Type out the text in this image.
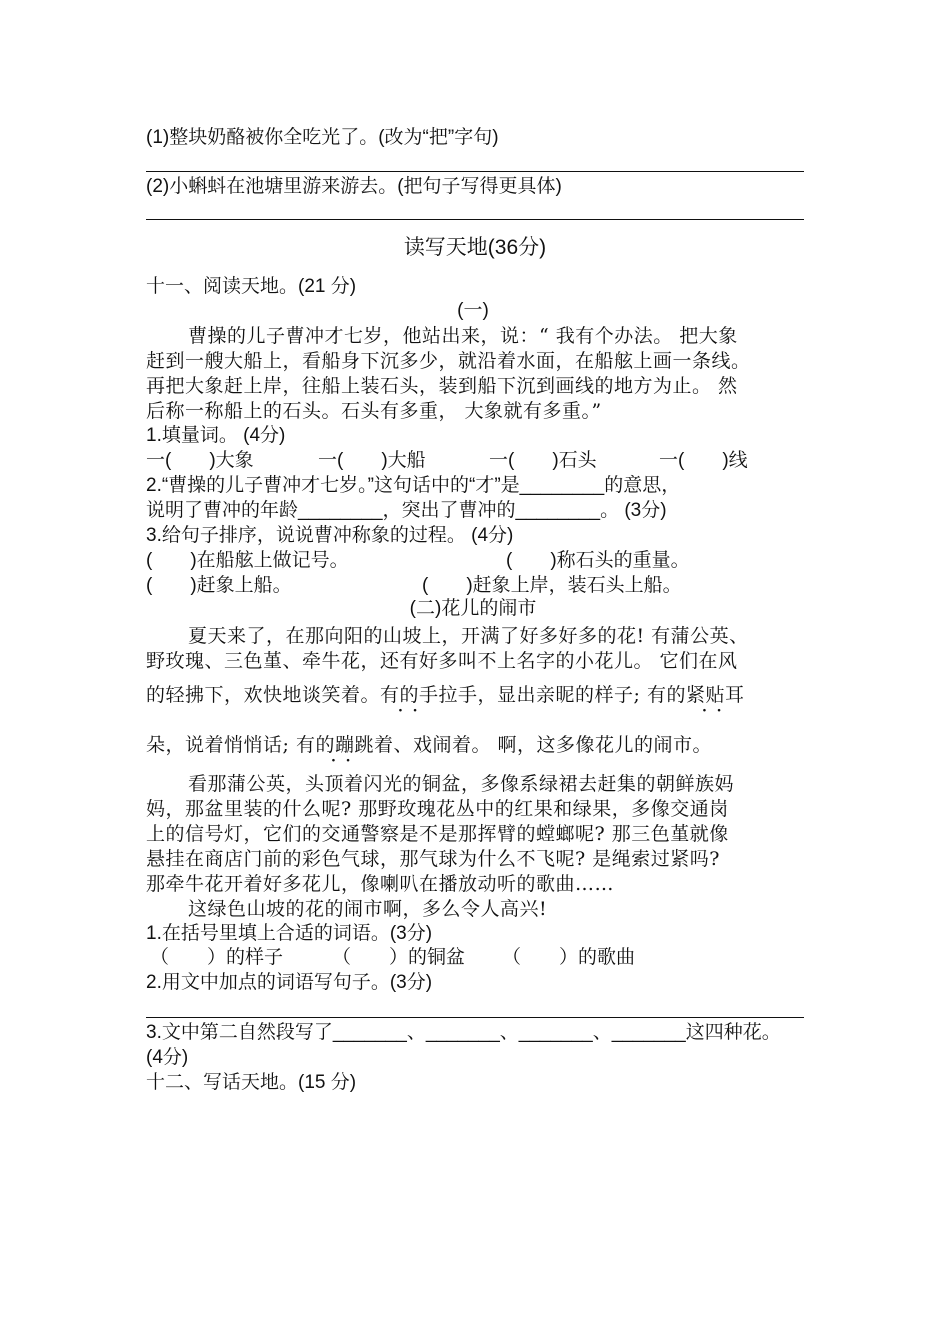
(1)整块奶酪被你全吃光了。(改为“把”字句)
(2)小蝌蚪在池塘里游来游去。(把句子写得更具体)
读写天地(36分)
十一、阅读天地。(21 分)
(一)
曹操的儿子曹冲才七岁，他站出来，说：“ 我有个办法。 把大象
赶到一艘大船上，看船身下沉多少，就沿着水面，在船舷上画一条线。
再把大象赶上岸，往船上装石头，装到船下沉到画线的地方为止。 然
后称一称船上的石头。石头有多重， 大象就有多重。”
1.填量词。 (4分)
一(　　)大象	一(　　)大船	一(　　)石头	一(　　)线
2.“曹操的儿子曹冲才七岁。”这句话中的“才”是________的意思，
说明了曹冲的年龄________，突出了曹冲的________。 (3分)
3.给句子排序，说说曹冲称象的过程。 (4分)
(　　)在船舷上做记号。	(　　)称石头的重量。
(　　)赶象上船。	(　　)赶象上岸，装石头上船。
(二)花儿的闹市
夏天来了，在那向阳的山坡上，开满了好多好多的花! 有蒲公英、
野玫瑰、三色堇、牵牛花，还有好多叫不上名字的小花儿。 它们在风
的轻拂下，欢快地谈笑着。有的手拉手，显出亲昵的样子; 有的紧贴耳
·  ·	·  ·
朵，说着悄悄话; 有的蹦跳着、戏闹着。 啊，这多像花儿的闹市。
·  ·
看那蒲公英，头顶着闪光的铜盆，多像系绿裙去赶集的朝鲜族妈
妈，那盆里装的什么呢? 那野玫瑰花丛中的红果和绿果，多像交通岗
上的信号灯，它们的交通警察是不是那挥臂的螳螂呢? 那三色堇就像
悬挂在商店门前的彩色气球，那气球为什么不飞呢? 是绳索过紧吗?
那牵牛花开着好多花儿，像喇叭在播放动听的歌曲……
这绿色山坡的花的闹市啊，多么令人高兴!
1.在括号里填上合适的词语。(3分)
（　　）的样子	（　　）的铜盆 （　　）的歌曲
2.用文中加点的词语写句子。(3分)
3.文中第二自然段写了_______、_______、_______、_______这四种花。
(4分)
十二、写话天地。(15 分)
